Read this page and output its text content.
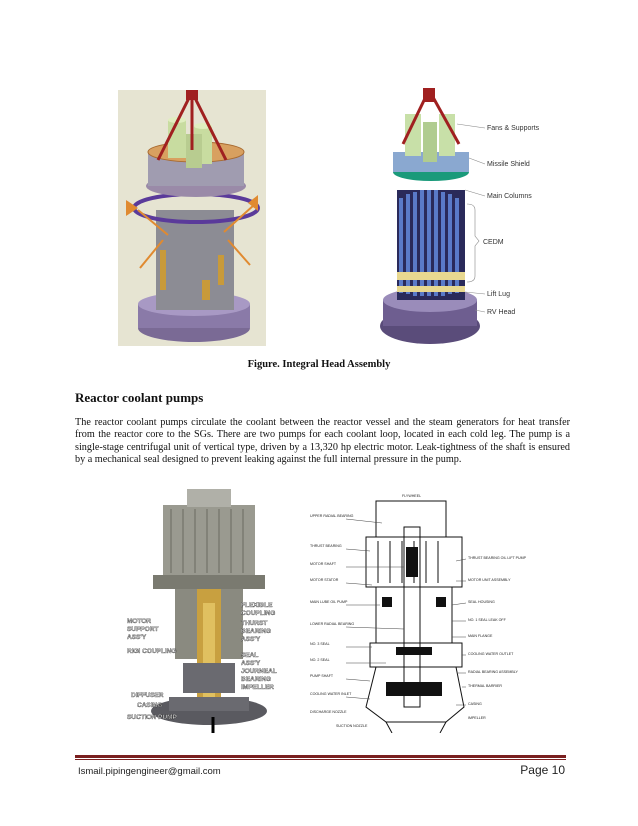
Fans & Supports
Missile Shield
Main Columns
CEDM
Lift Lug
RV Head
Figure. Integral Head Assembly
Reactor coolant pumps

The reactor coolant pumps circulate the coolant between the reactor vessel and the steam generators for heat transfer from the reactor core to the SGs. There are two pumps for each coolant loop, located in each cold leg. The pump is a single-stage centrifugal unit of vertical type, driven by a 13,320 hp electric motor. Leak-tightness of the shaft is ensured by a mechanical seal designed to prevent leaking against the full internal pressure in the pump.

MOTOR
SUPPORT
ASS'Y
RIGI COUPLING
FLEXIBLE
COUPLING
THURST
BEARING
ASS'Y
SEAL
ASS'Y
JOURNEAL
BEARING
IMPELLER
DIFFUSER
CASING
SUCTION PUMP
UPPER RADIAL BEARING
THRUST BEARING
MOTOR SHAFT
MOTOR STATOR
MAIN LUBE OIL PUMP
LOWER RADIAL BEARING
NO. 3 SEAL
NO. 2 SEAL
PUMP SHAFT
COOLING WATER INLET
DISCHARGE NOZZLE
SUCTION NOZZLE
FLYWHEEL
THRUST BEARING OIL LIFT PUMP
MOTOR UNIT ASSEMBLY
SEAL HOUSING
NO. 1 SEAL LEAK OFF
MAIN FLANGE
COOLING WATER OUTLET
RADIAL BEARING ASSEMBLY
THERMAL BARRIER
CASING
IMPELLER
Ismail.pipingengineer@gmail.com	Page 10
